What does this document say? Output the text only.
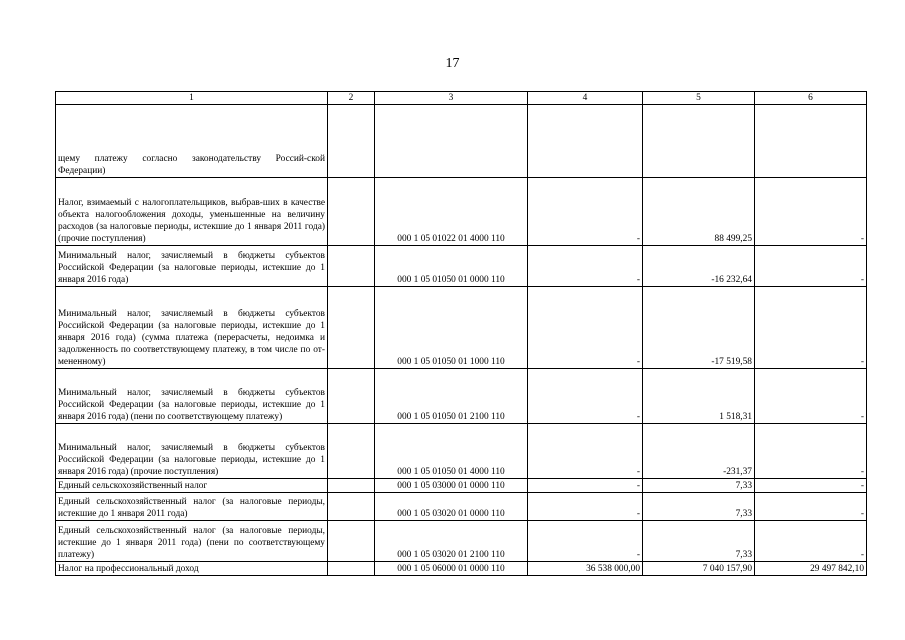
17
1	2	3	4	5	6
щему платежу согласно законодательству Россий-ской Федерации)					
Налог, взимаемый с налогоплательщиков, выбрав-ших в качестве объекта налогообложения доходы, уменьшенные на величину расходов (за налоговые периоды, истекшие до 1 января 2011 года) (прочие поступления)		000 1 05 01022 01 4000 110	-	88 499,25	-
Минимальный налог, зачисляемый в бюджеты субъектов Российской Федерации (за налоговые периоды, истекшие до 1 января 2016 года)		000 1 05 01050 01 0000 110	-	-16 232,64	-
Минимальный налог, зачисляемый в бюджеты субъектов Российской Федерации (за налоговые периоды, истекшие до 1 января 2016 года) (сумма платежа (перерасчеты, недоимка и задолженность по соответствующему платежу, в том числе по от-мененному)		000 1 05 01050 01 1000 110	-	-17 519,58	-
Минимальный налог, зачисляемый в бюджеты субъектов Российской Федерации (за налоговые периоды, истекшие до 1 января 2016 года) (пени по соответствующему платежу)		000 1 05 01050 01 2100 110	-	1 518,31	-
Минимальный налог, зачисляемый в бюджеты субъектов Российской Федерации (за налоговые периоды, истекшие до 1 января 2016 года) (прочие поступления)		000 1 05 01050 01 4000 110	-	-231,37	-
Единый сельскохозяйственный налог		000 1 05 03000 01 0000 110	-	7,33	-
Единый сельскохозяйственный налог (за налоговые периоды, истекшие до 1 января 2011 года)		000 1 05 03020 01 0000 110	-	7,33	-
Единый сельскохозяйственный налог (за налоговые периоды, истекшие до 1 января 2011 года) (пени по соответствующему платежу)		000 1 05 03020 01 2100 110	-	7,33	-
Налог на профессиональный доход		000 1 05 06000 01 0000 110	36 538 000,00	7 040 157,90	29 497 842,10
